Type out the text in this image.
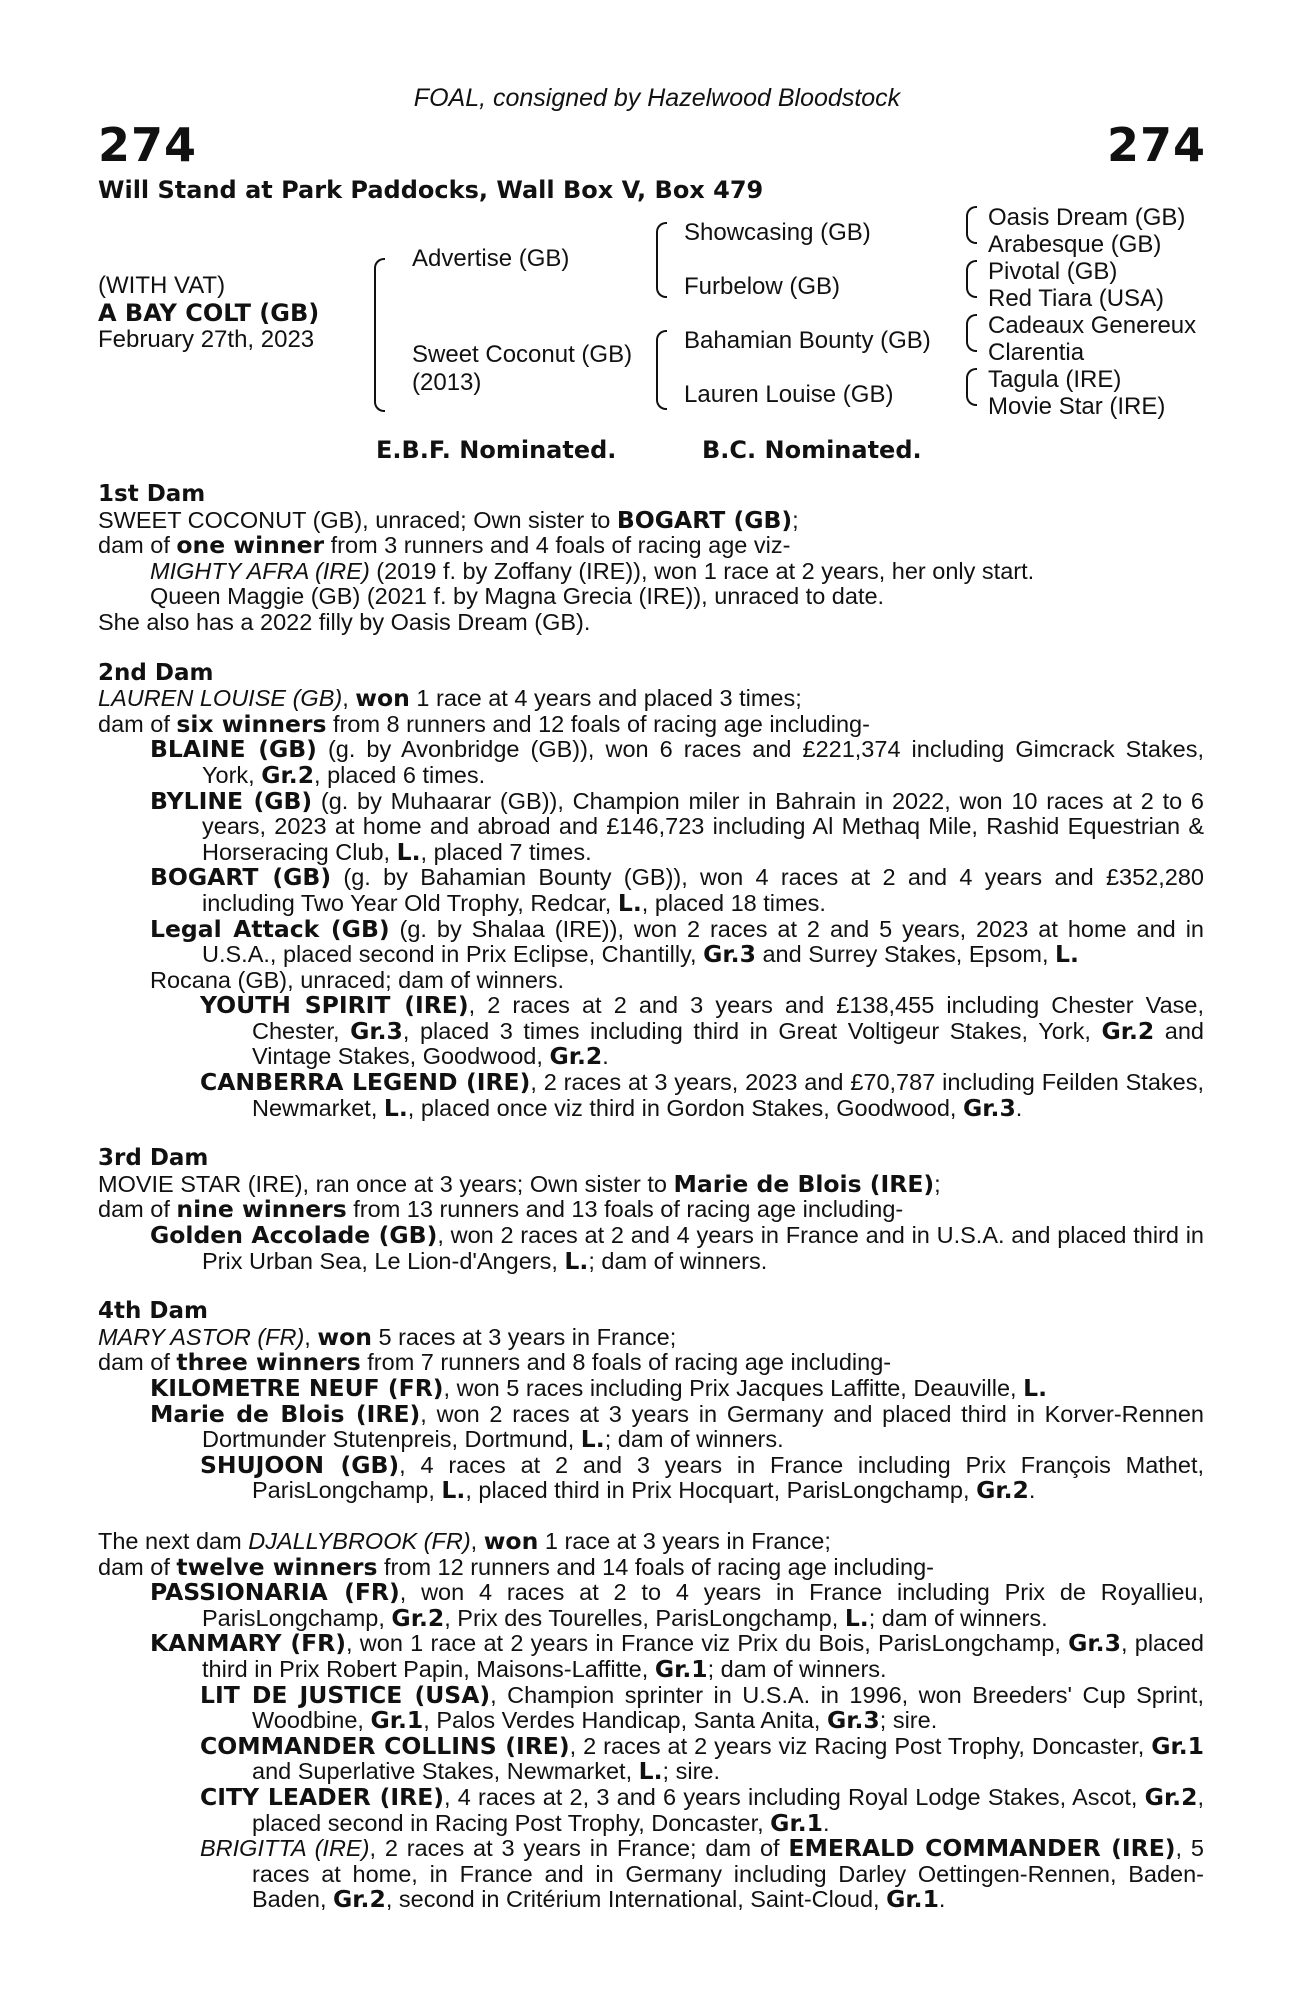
FOAL, consigned by Hazelwood Bloodstock
274	274
Will Stand at Park Paddocks, Wall Box V, Box 479
(WITH VAT)
A BAY COLT (GB)
February 27th, 2023
Advertise (GB)
Sweet Coconut (GB)
(2013)
Showcasing (GB)
Furbelow (GB)
Bahamian Bounty (GB)
Lauren Louise (GB)
Oasis Dream (GB)
Arabesque (GB)
Pivotal (GB)
Red Tiara (USA)
Cadeaux Genereux
Clarentia
Tagula (IRE)
Movie Star (IRE)
E.B.F. Nominated.	B.C. Nominated.

1st Dam

SWEET COCONUT (GB), unraced; Own sister to BOGART (GB);

dam of one winner from 3 runners and 4 foals of racing age viz-

MIGHTY AFRA (IRE) (2019 f. by Zoffany (IRE)), won 1 race at 2 years, her only start.

Queen Maggie (GB) (2021 f. by Magna Grecia (IRE)), unraced to date.

She also has a 2022 filly by Oasis Dream (GB).

2nd Dam

LAUREN LOUISE (GB), won 1 race at 4 years and placed 3 times;

dam of six winners from 8 runners and 12 foals of racing age including-

BLAINE (GB) (g. by Avonbridge (GB)), won 6 races and £221,374 including Gimcrack Stakes, York, Gr.2, placed 6 times.

BYLINE (GB) (g. by Muhaarar (GB)), Champion miler in Bahrain in 2022, won 10 races at 2 to 6 years, 2023 at home and abroad and £146,723 including Al Methaq Mile, Rashid Equestrian & Horseracing Club, L., placed 7 times.

BOGART (GB) (g. by Bahamian Bounty (GB)), won 4 races at 2 and 4 years and £352,280 including Two Year Old Trophy, Redcar, L., placed 18 times.

Legal Attack (GB) (g. by Shalaa (IRE)), won 2 races at 2 and 5 years, 2023 at home and in U.S.A., placed second in Prix Eclipse, Chantilly, Gr.3 and Surrey Stakes, Epsom, L.

Rocana (GB), unraced; dam of winners.

YOUTH SPIRIT (IRE), 2 races at 2 and 3 years and £138,455 including Chester Vase, Chester, Gr.3, placed 3 times including third in Great Voltigeur Stakes, York, Gr.2 and Vintage Stakes, Goodwood, Gr.2.

CANBERRA LEGEND (IRE), 2 races at 3 years, 2023 and £70,787 including Feilden Stakes, Newmarket, L., placed once viz third in Gordon Stakes, Goodwood, Gr.3.

3rd Dam

MOVIE STAR (IRE), ran once at 3 years; Own sister to Marie de Blois (IRE);

dam of nine winners from 13 runners and 13 foals of racing age including-

Golden Accolade (GB), won 2 races at 2 and 4 years in France and in U.S.A. and placed third in Prix Urban Sea, Le Lion-d'Angers, L.; dam of winners.

4th Dam

MARY ASTOR (FR), won 5 races at 3 years in France;

dam of three winners from 7 runners and 8 foals of racing age including-

KILOMETRE NEUF (FR), won 5 races including Prix Jacques Laffitte, Deauville, L.

Marie de Blois (IRE), won 2 races at 3 years in Germany and placed third in Korver-Rennen Dortmunder Stutenpreis, Dortmund, L.; dam of winners.

SHUJOON (GB), 4 races at 2 and 3 years in France including Prix François Mathet, ParisLongchamp, L., placed third in Prix Hocquart, ParisLongchamp, Gr.2.

The next dam DJALLYBROOK (FR), won 1 race at 3 years in France;

dam of twelve winners from 12 runners and 14 foals of racing age including-

PASSIONARIA (FR), won 4 races at 2 to 4 years in France including Prix de Royallieu, ParisLongchamp, Gr.2, Prix des Tourelles, ParisLongchamp, L.; dam of winners.

KANMARY (FR), won 1 race at 2 years in France viz Prix du Bois, ParisLongchamp, Gr.3, placed third in Prix Robert Papin, Maisons-Laffitte, Gr.1; dam of winners.

LIT DE JUSTICE (USA), Champion sprinter in U.S.A. in 1996, won Breeders' Cup Sprint, Woodbine, Gr.1, Palos Verdes Handicap, Santa Anita, Gr.3; sire.

COMMANDER COLLINS (IRE), 2 races at 2 years viz Racing Post Trophy, Doncaster, Gr.1 and Superlative Stakes, Newmarket, L.; sire.

CITY LEADER (IRE), 4 races at 2, 3 and 6 years including Royal Lodge Stakes, Ascot, Gr.2, placed second in Racing Post Trophy, Doncaster, Gr.1.

BRIGITTA (IRE), 2 races at 3 years in France; dam of EMERALD COMMANDER (IRE), 5 races at home, in France and in Germany including Darley Oettingen-Rennen, Baden-Baden, Gr.2, second in Critérium International, Saint-Cloud, Gr.1.
